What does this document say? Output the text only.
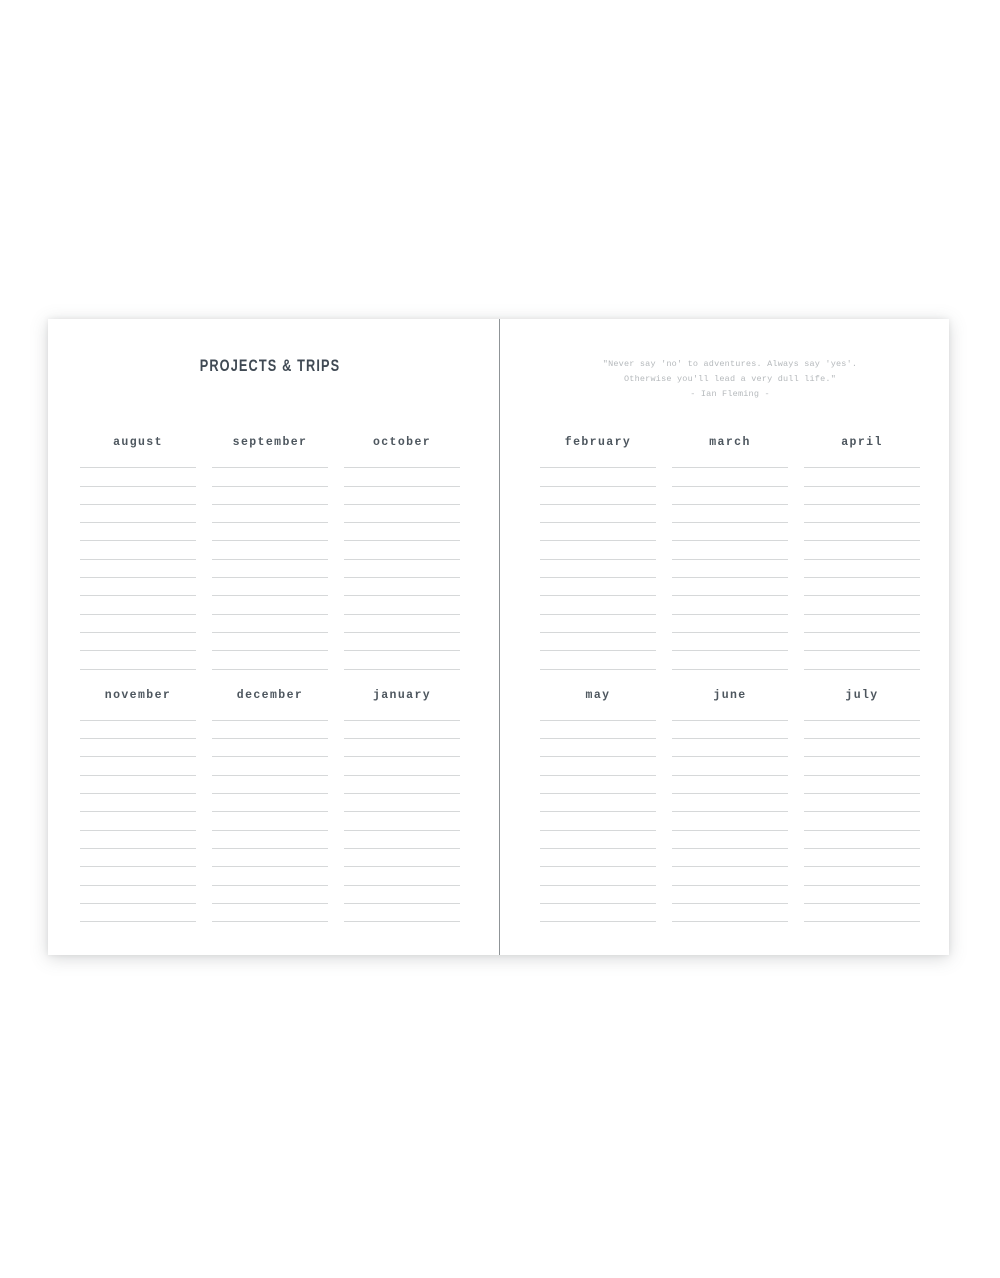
PROJECTS & TRIPS
august	september	october
november	december	january
"Never say 'no' to adventures. Always say 'yes'.
Otherwise you'll lead a very dull life."
- Ian Fleming -
february	march	april
may	june	july
